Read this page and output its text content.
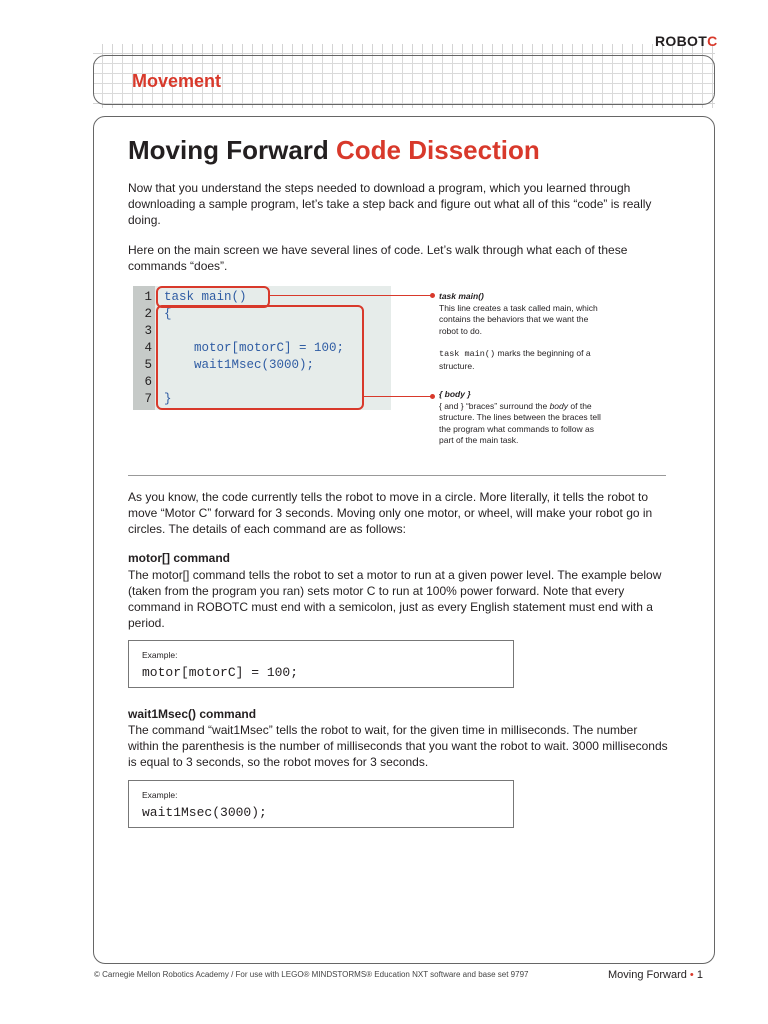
ROBOTC
Movement
Moving Forward Code Dissection

Now that you understand the steps needed to download a program, which you learned through downloading a sample program, let’s take a step back and figure out what all of this “code” is really doing.

Here on the main screen we have several lines of code. Let’s walk through what each of these commands “does”.

1
2
3
4
5
6
7
task main()
{
motor[motorC] = 100;
wait1Msec(3000);
}
task main()
This line creates a task called main, which contains the behaviors that we want the robot to do.
task main() marks the beginning of a structure.
{ body }
{ and } “braces” surround the body of the structure. The lines between the braces tell the program what commands to follow as part of the main task.

As you know, the code currently tells the robot to move in a circle. More literally, it tells the robot to move “Motor C” forward for 3 seconds. Moving only one motor, or wheel, will make your robot go in circles. The details of each command are as follows:

motor[] command

The motor[] command tells the robot to set a motor to run at a given power level. The example below (taken from the program you ran) sets motor C to run at 100% power forward. Note that every command in ROBOTC must end with a semicolon, just as every English statement must end with a period.

Example:
motor[motorC] = 100;

wait1Msec() command

The command “wait1Msec” tells the robot to wait, for the given time in milliseconds. The number within the parenthesis is the number of milliseconds that you want the robot to wait. 3000 milliseconds is equal to 3 seconds, so the robot moves for 3 seconds.

Example:
wait1Msec(3000);
© Carnegie Mellon Robotics Academy / For use with LEGO® MINDSTORMS® Education NXT software and base set 9797	Moving Forward • 1
